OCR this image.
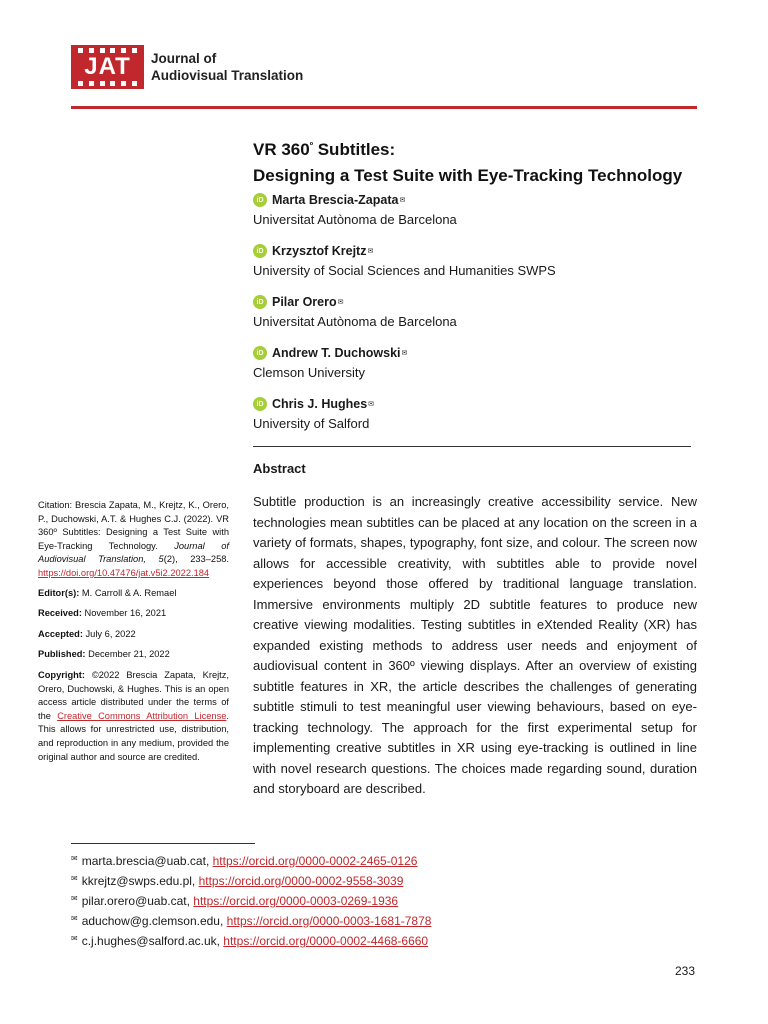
JAT	Journal of
Audiovisual Translation
VR $360^º$ Subtitles:
Designing a Test Suite with Eye-Tracking Technology
iD Marta Brescia-Zapata ✉
Universitat Autònoma de Barcelona
iD Krzysztof Krejtz ✉
University of Social Sciences and Humanities SWPS
iD Pilar Orero ✉
Universitat Autònoma de Barcelona
iD Andrew T. Duchowski ✉
Clemson University
iD Chris J. Hughes ✉
University of Salford
Abstract
Subtitle production is an increasingly creative accessibility service. New technologies mean subtitles can be placed at any location on the screen in a variety of formats, shapes, typography, font size, and colour. The screen now allows for accessible creativity, with subtitles able to provide novel experiences beyond those offered by traditional language translation. Immersive environments multiply 2D subtitle features to produce new creative viewing modalities. Testing subtitles in eXtended Reality (XR) has expanded existing methods to address user needs and enjoyment of audiovisual content in 360º viewing displays. After an overview of existing subtitle features in XR, the article describes the challenges of generating subtitle stimuli to test meaningful user viewing behaviours, based on eye-tracking technology. The approach for the first experimental setup for implementing creative subtitles in XR using eye-tracking is outlined in line with novel research questions. The choices made regarding sound, duration and storyboard are described.

Citation: Brescia Zapata, M., Krejtz, K., Orero, P., Duchowski, A.T. & Hughes C.J. (2022). VR 360º Subtitles: Designing a Test Suite with Eye-Tracking Technology. Journal of Audiovisual Translation, 5(2), 233–258. https://doi.org/10.47476/jat.v5i2.2022.184

Editor(s): M. Carroll & A. Remael
Received: November 16, 2021
Accepted: July 6, 2022
Published: December 21, 2022

Copyright: ©2022 Brescia Zapata, Krejtz, Orero, Duchowski, & Hughes. This is an open access article distributed under the terms of the Creative Commons Attribution License. This allows for unrestricted use, distribution, and reproduction in any medium, provided the original author and source are credited.

✉ marta.brescia@uab.cat, https://orcid.org/0000-0002-2465-0126
✉ kkrejtz@swps.edu.pl, https://orcid.org/0000-0002-9558-3039
✉ pilar.orero@uab.cat, https://orcid.org/0000-0003-0269-1936
✉ aduchow@g.clemson.edu, https://orcid.org/0000-0003-1681-7878
✉ c.j.hughes@salford.ac.uk, https://orcid.org/0000-0002-4468-6660
233
